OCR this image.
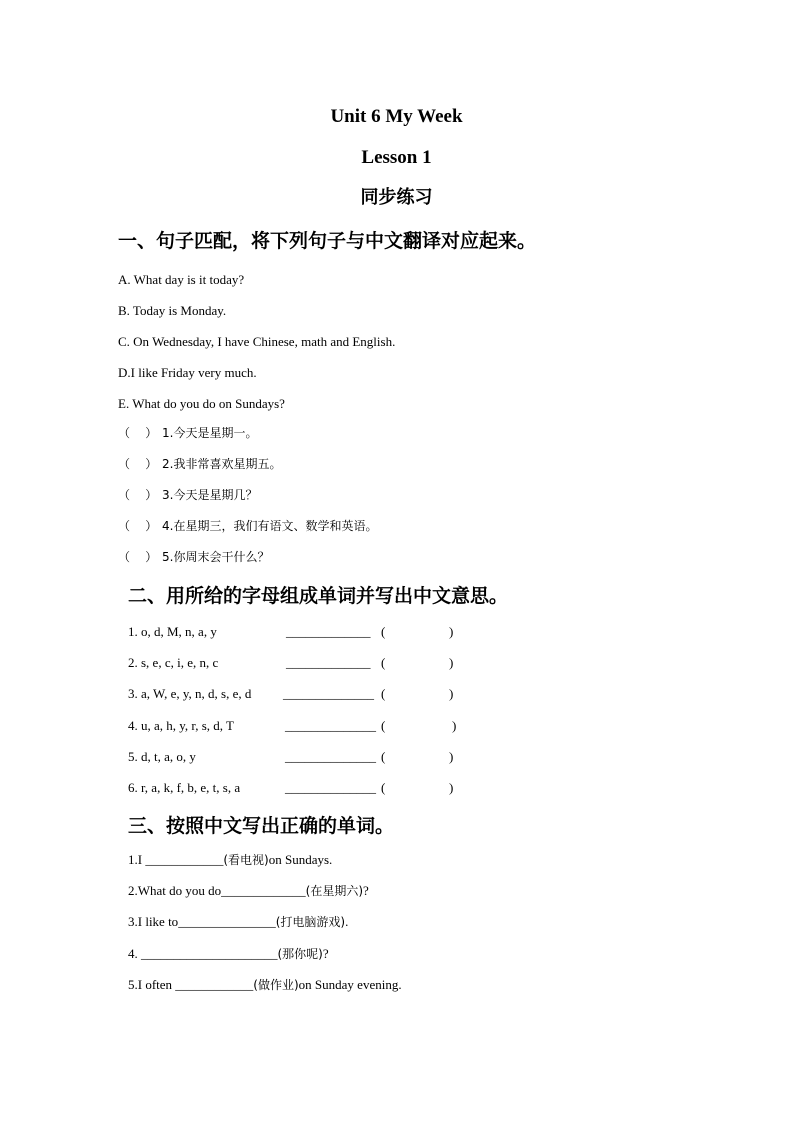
Unit 6 My Week
Lesson 1
同步练习
一、句子匹配，将下列句子与中文翻译对应起来。
A. What day is it today?
B. Today is Monday.
C. On Wednesday, I have Chinese, math and English.
D.I like Friday very much.
E. What do you do on Sundays?
（    ） 1.今天是星期一。
（    ） 2.我非常喜欢星期五。
（    ） 3.今天是星期几？
（    ） 4.在星期三，我们有语文、数学和英语。
（    ） 5.你周末会干什么？
二、用所给的字母组成单词并写出中文意思。
1. o, d, M, n, a, y	_____________ (	)
2. s, e, c, i, e, n, c	_____________ (	)
3. a, W, e, y, n, d, s, e, d ______________ (	)
4. u, a, h, y, r, s, d, T	______________ (	)
5. d, t, a, o, y	______________ (	)
6. r, a, k, f, b, e, t, s, a	______________ (	)
三、按照中文写出正确的单词。
1.I ____________(看电视)on Sundays.
2.What do you do_____________(在星期六)?
3.I like to_______________(打电脑游戏).
4. _____________________(那你呢)?
5.I often ____________(做作业)on Sunday evening.
